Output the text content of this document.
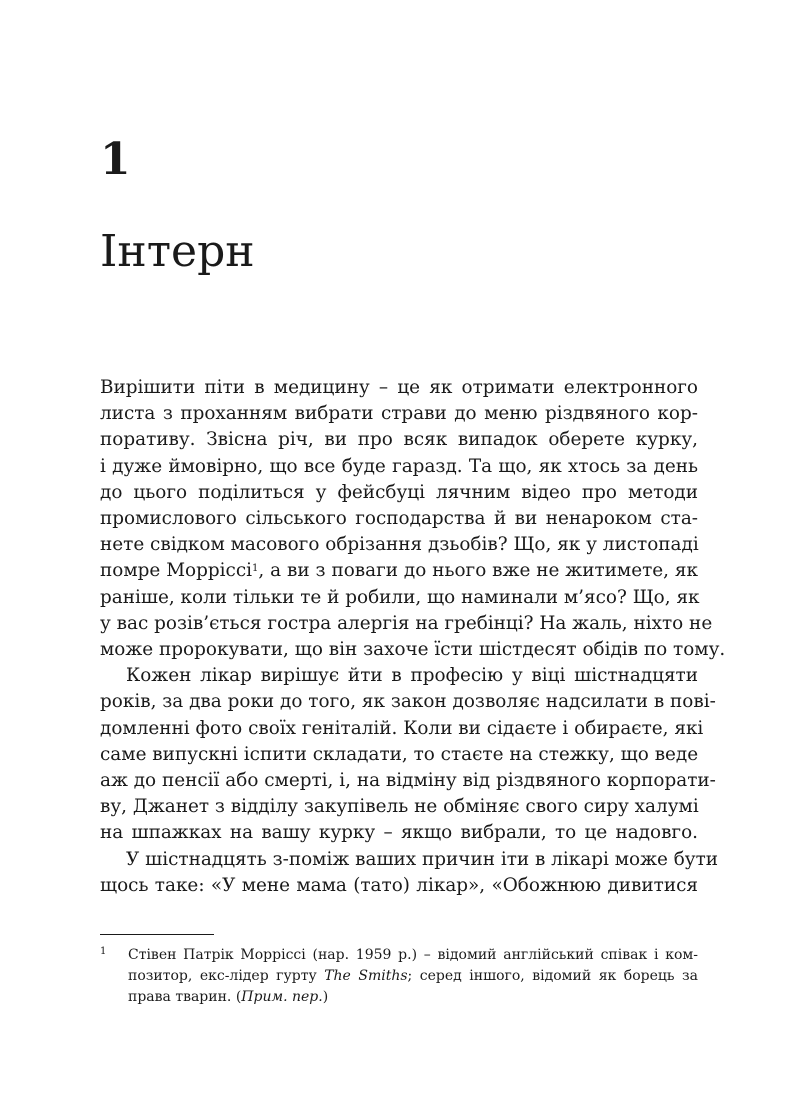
1
Інтерн
Вирішити піти в медицину – це як отримати електронного
листа з проханням вибрати страви до меню різдвяного кор-
поративу. Звісна річ, ви про всяк випадок оберете курку,
і дуже ймовірно, що все буде гаразд. Та що, як хтось за день
до цього поділиться у фейсбуці лячним відео про методи
промислового сільського господарства й ви ненароком ста-
нете свідком масового обрізання дзьобів? Що, як у листопаді
помре Морріссі$^1$, а ви з поваги до нього вже не житимете, як
раніше, коли тільки те й робили, що наминали м’ясо? Що, як
у вас розів’ється гостра алергія на гребінці? На жаль, ніхто не
може пророкувати, що він захоче їсти шістдесят обідів по тому.
Кожен лікар вирішує йти в професію у віці шістнадцяти
років, за два роки до того, як закон дозволяє надсилати в пові-
домленні фото своїх геніталій. Коли ви сідаєте і обираєте, які
саме випускні іспити складати, то стаєте на стежку, що веде
аж до пенсії або смерті, і, на відміну від різдвяного корпорати-
ву, Джанет з відділу закупівель не обміняє свого сиру халумі
на шпажках на вашу курку – якщо вибрали, то це надовго.
У шістнадцять з-поміж ваших причин іти в лікарі може бути
щось таке: «У мене мама (тато) лікар», «Обожнюю дивитися
1 Стівен Патрік Морріссі (нар. 1959 р.) – відомий англійський співак і ком-
позитор, екс-лідер гурту The Smiths; серед іншого, відомий як борець за
права тварин. (Прим. пер.)
